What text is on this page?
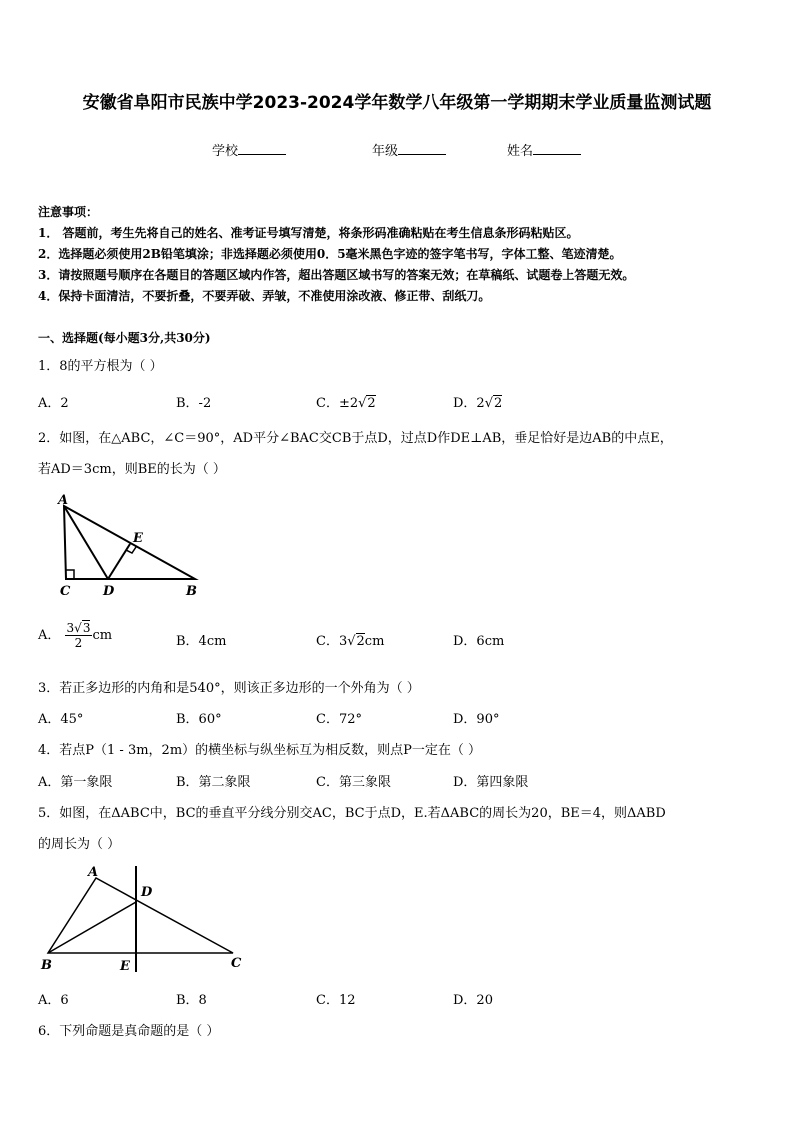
安徽省阜阳市民族中学2023-2024学年数学八年级第一学期期末学业质量监测试题
学校	年级	姓名
注意事项：
1． 答题前，考生先将自己的姓名、准考证号填写清楚，将条形码准确粘贴在考生信息条形码粘贴区。
2．选择题必须使用2B铅笔填涂；非选择题必须使用0．5毫米黑色字迹的签字笔书写，字体工整、笔迹清楚。
3．请按照题号顺序在各题目的答题区域内作答，超出答题区域书写的答案无效；在草稿纸、试题卷上答题无效。
4．保持卡面清洁，不要折叠，不要弄破、弄皱，不准使用涂改液、修正带、刮纸刀。
一、选择题(每小题3分,共30分)
1．8的平方根为（ ）
A．2	B．-2	C．±2√2	D．2√2
2．如图，在△ABC，∠C＝90°，AD平分∠BAC交CB于点D，过点D作DE⊥AB，垂足恰好是边AB的中点E，
若AD＝3cm，则BE的长为（ ）
A
E
C	D	B
A． $\frac{3√3}{2}$ cm	B．4cm	C．3√2cm	D．6cm
3．若正多边形的内角和是540°，则该正多边形的一个外角为（ ）
A．45°	B．60°	C．72°	D．90°
4．若点P（1 - 3m，2m）的横坐标与纵坐标互为相反数，则点P一定在（ ）
A．第一象限	B．第二象限	C．第三象限	D．第四象限
5．如图，在ΔABC中，BC的垂直平分线分别交AC，BC于点D，E.若ΔABC的周长为20，BE＝4，则ΔABD
的周长为（ ）
A
D
B	E	C
A．6	B．8	C．12	D．20
6．下列命题是真命题的是（ ）
